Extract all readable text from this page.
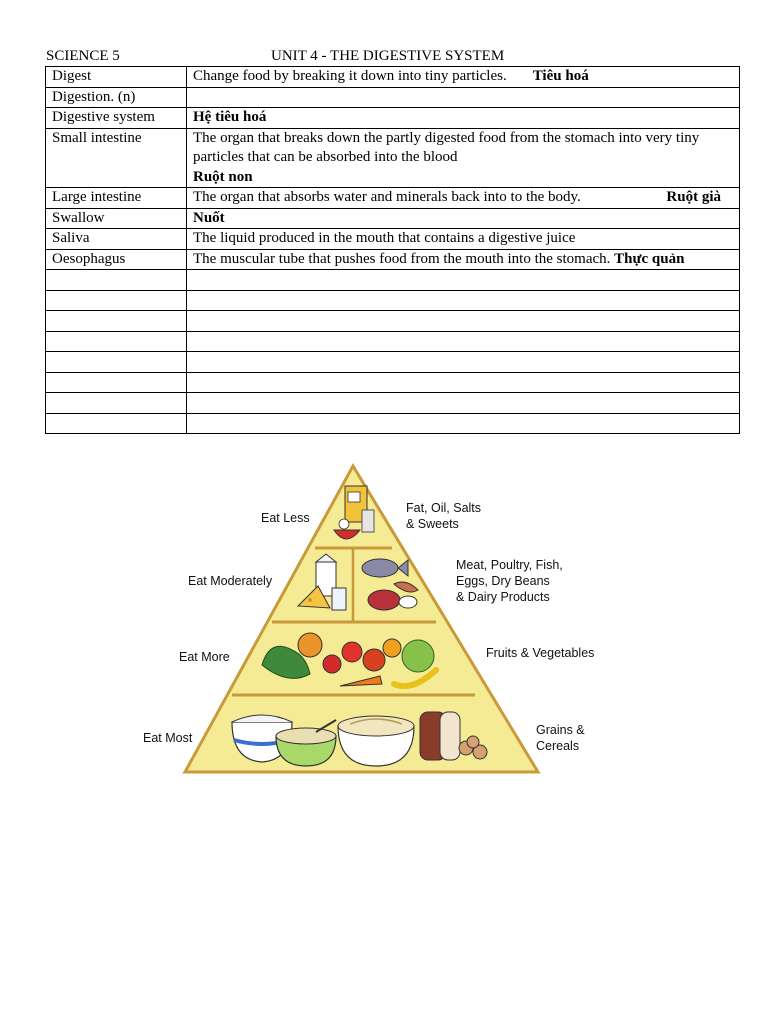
SCIENCE 5	UNIT 4 - THE DIGESTIVE SYSTEM
Digest	Change food by breaking it down into tiny particles. Tiêu hoá

Digestion. (n)	
Digestive system	Hệ tiêu hoá
Small intestine	The organ that breaks down the partly digested food from the stomach into very tiny particles that can be absorbed into the blood
Ruột non

Large intestine	The organ that absorbs water and minerals back into to the body. Ruột già

Swallow	Nuốt
Saliva	The liquid produced in the mouth that contains a digestive juice
Oesophagus	The muscular tube that pushes food from the mouth into the stomach. Thực quản

Eat Less
Fat, Oil, Salts
& Sweets
Eat Moderately
Meat, Poultry, Fish,
Eggs, Dry Beans
& Dairy Products
Eat More	Fruits & Vegetables
Eat Most
Grains &
Cereals
